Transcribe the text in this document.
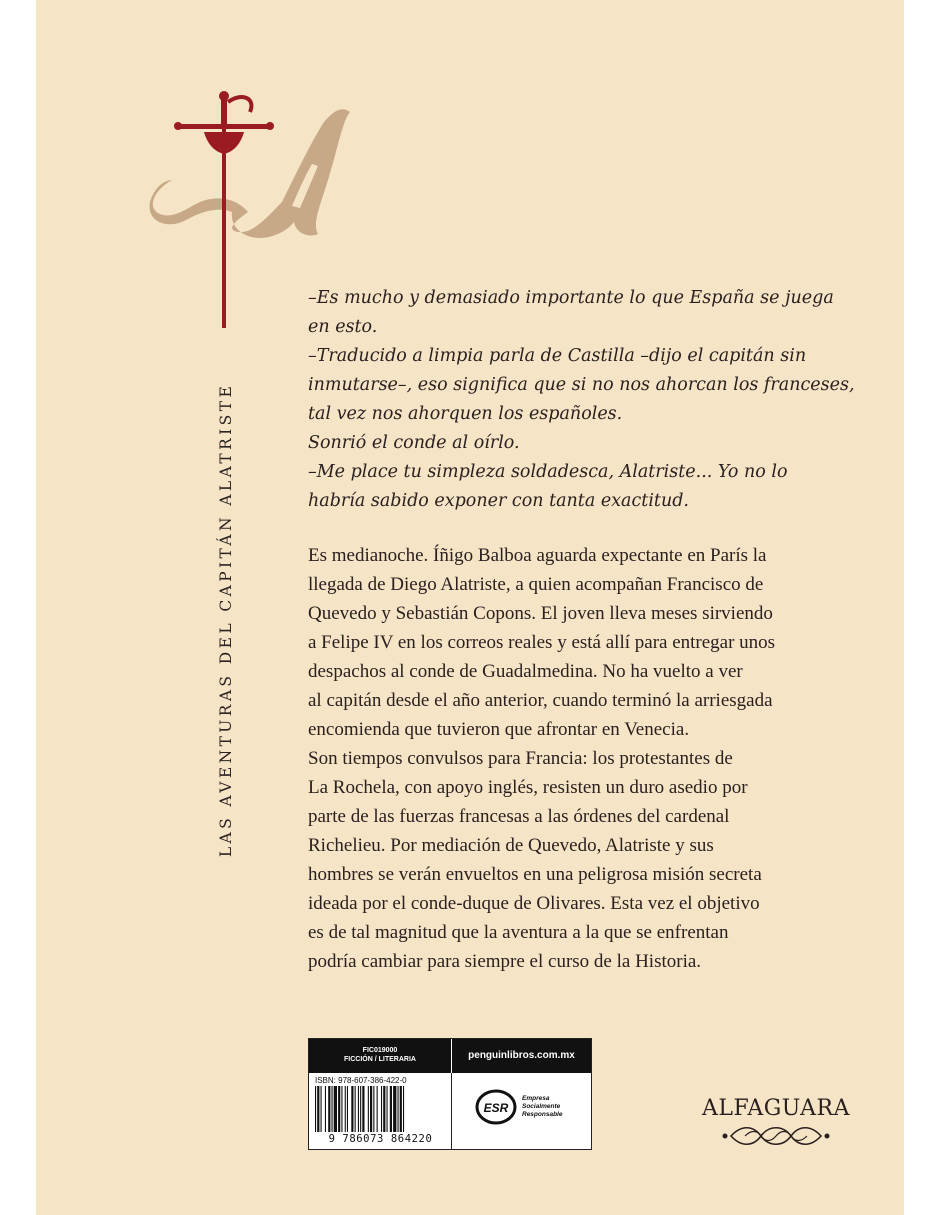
LAS AVENTURAS DEL CAPITÁN ALATRISTE

–Es mucho y demasiado importante lo que España se juega

en esto.

–Traducido a limpia parla de Castilla –dijo el capitán sin

inmutarse–, eso significa que si no nos ahorcan los franceses,

tal vez nos ahorquen los españoles.

Sonrió el conde al oírlo.

–Me place tu simpleza soldadesca, Alatriste... Yo no lo

habría sabido exponer con tanta exactitud.

Es medianoche. Íñigo Balboa aguarda expectante en París la

llegada de Diego Alatriste, a quien acompañan Francisco de

Quevedo y Sebastián Copons. El joven lleva meses sirviendo

a Felipe IV en los correos reales y está allí para entregar unos

despachos al conde de Guadalmedina. No ha vuelto a ver

al capitán desde el año anterior, cuando terminó la arriesgada

encomienda que tuvieron que afrontar en Venecia.

Son tiempos convulsos para Francia: los protestantes de

La Rochela, con apoyo inglés, resisten un duro asedio por

parte de las fuerzas francesas a las órdenes del cardenal

Richelieu. Por mediación de Quevedo, Alatriste y sus

hombres se verán envueltos en una peligrosa misión secreta

ideada por el conde-duque de Olivares. Esta vez el objetivo

es de tal magnitud que la aventura a la que se enfrentan

podría cambiar para siempre el curso de la Historia.

FIC019000
FICCIÓN / LITERARIA	penguinlibros.com.mx
ISBN: 978-607-386-422-0
9 786073 864220
ESR
Empresa
Socialmente
Responsable	ALFAGUARA
